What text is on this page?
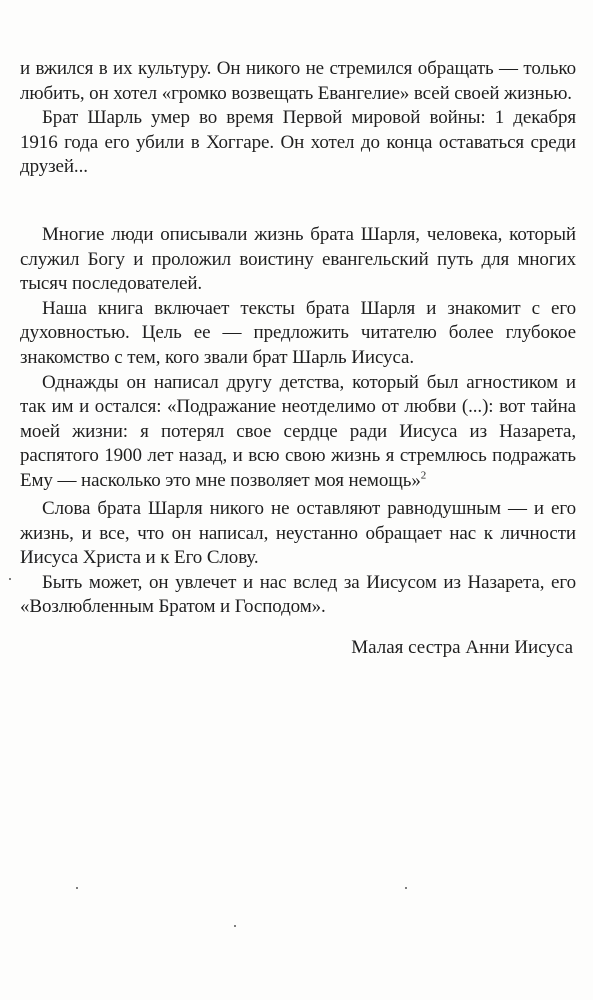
и вжился в их культуру. Он никого не стремился обращать — только любить, он хотел «громко возвещать Евангелие» всей своей жизнью.

Брат Шарль умер во время Первой мировой войны: 1 декабря 1916 года его убили в Хоггаре. Он хотел до конца оставаться среди друзей...

Многие люди описывали жизнь брата Шарля, человека, который служил Богу и проложил воистину евангельский путь для многих тысяч последователей.

Наша книга включает тексты брата Шарля и знакомит с его духовностью. Цель ее — предложить читателю более глубокое знакомство с тем, кого звали брат Шарль Иисуса.

Однажды он написал другу детства, который был агностиком и так им и остался: «Подражание неотделимо от любви (...): вот тайна моей жизни: я потерял свое сердце ради Иисуса из Назарета, распятого 1900 лет назад, и всю свою жизнь я стремлюсь подражать Ему — насколько это мне позволяет моя немощь»$^2$

Слова брата Шарля никого не оставляют равнодушным — и его жизнь, и все, что он написал, неустанно обращает нас к личности Иисуса Христа и к Его Слову.

Быть может, он увлечет и нас вслед за Иисусом из Назарета, его «Возлюбленным Братом и Господом».

Малая сестра Анни Иисуса
